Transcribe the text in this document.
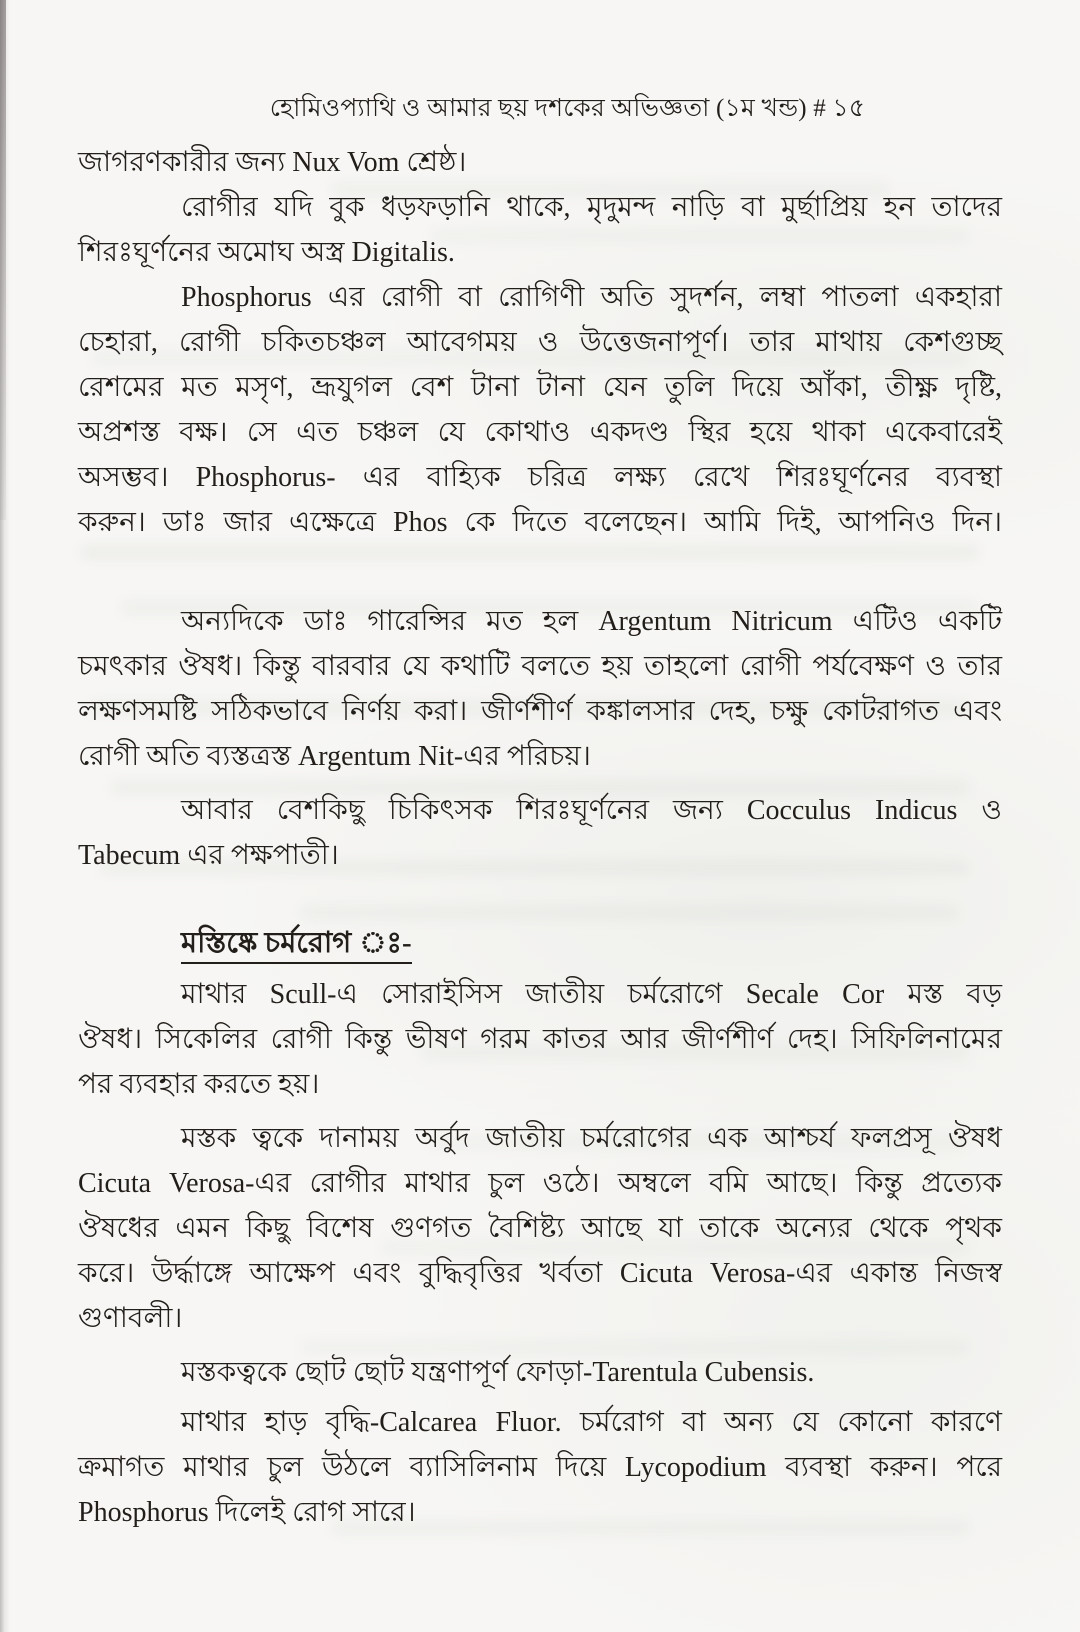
হোমিওপ্যাথি ও আমার ছয় দশকের অভিজ্ঞতা (১ম খন্ড) # ১৫
জাগরণকারীর জন্য Nux Vom শ্রেষ্ঠ।
রোগীর যদি বুক ধড়ফড়ানি থাকে, মৃদুমন্দ নাড়ি বা মুর্ছাপ্রিয় হন তাদের
শিরঃঘূর্ণনের অমোঘ অস্ত্র Digitalis.
Phosphorus এর রোগী বা রোগিণী অতি সুদর্শন, লম্বা পাতলা একহারা
চেহারা, রোগী চকিতচঞ্চল আবেগময় ও উত্তেজনাপূর্ণ। তার মাথায় কেশগুচ্ছ
রেশমের মত মসৃণ, ভ্রূযুগল বেশ টানা টানা যেন তুলি দিয়ে আঁকা, তীক্ষ্ণ দৃষ্টি,
অপ্রশস্ত বক্ষ। সে এত চঞ্চল যে কোথাও একদণ্ড স্থির হয়ে থাকা একেবারেই
অসম্ভব। Phosphorus- এর বাহ্যিক চরিত্র লক্ষ্য রেখে শিরঃঘূর্ণনের ব্যবস্থা
করুন। ডাঃ জার এক্ষেত্রে Phos কে দিতে বলেছেন। আমি দিই, আপনিও দিন।
অন্যদিকে ডাঃ গারেন্সির মত হল Argentum Nitricum এটিও একটি
চমৎকার ঔষধ। কিন্তু বারবার যে কথাটি বলতে হয় তাহলো রোগী পর্যবেক্ষণ ও তার
লক্ষণসমষ্টি সঠিকভাবে নির্ণয় করা। জীর্ণশীর্ণ কঙ্কালসার দেহ, চক্ষু কোটরাগত এবং
রোগী অতি ব্যস্তত্রস্ত Argentum Nit-এর পরিচয়।
আবার বেশকিছু চিকিৎসক শিরঃঘূর্ণনের জন্য Cocculus Indicus ও
Tabecum এর পক্ষপাতী।
মস্তিষ্কে চর্মরোগ ঃ-
মাথার Scull-এ সোরাইসিস জাতীয় চর্মরোগে Secale Cor মস্ত বড়
ঔষধ। সিকেলির রোগী কিন্তু ভীষণ গরম কাতর আর জীর্ণশীর্ণ দেহ। সিফিলিনামের
পর ব্যবহার করতে হয়।
মস্তক ত্বকে দানাময় অর্বুদ জাতীয় চর্মরোগের এক আশ্চর্য ফলপ্রসূ ঔষধ
Cicuta Verosa-এর রোগীর মাথার চুল ওঠে। অম্বলে বমি আছে। কিন্তু প্রত্যেক
ঔষধের এমন কিছু বিশেষ গুণগত বৈশিষ্ট্য আছে যা তাকে অন্যের থেকে পৃথক
করে। উর্দ্ধাঙ্গে আক্ষেপ এবং বুদ্ধিবৃত্তির খর্বতা Cicuta Verosa-এর একান্ত নিজস্ব
গুণাবলী।
মস্তকত্বকে ছোট ছোট যন্ত্রণাপূর্ণ ফোড়া-Tarentula Cubensis.
মাথার হাড় বৃদ্ধি-Calcarea Fluor. চর্মরোগ বা অন্য যে কোনো কারণে
ক্রমাগত মাথার চুল উঠলে ব্যাসিলিনাম দিয়ে Lycopodium ব্যবস্থা করুন। পরে
Phosphorus দিলেই রোগ সারে।
